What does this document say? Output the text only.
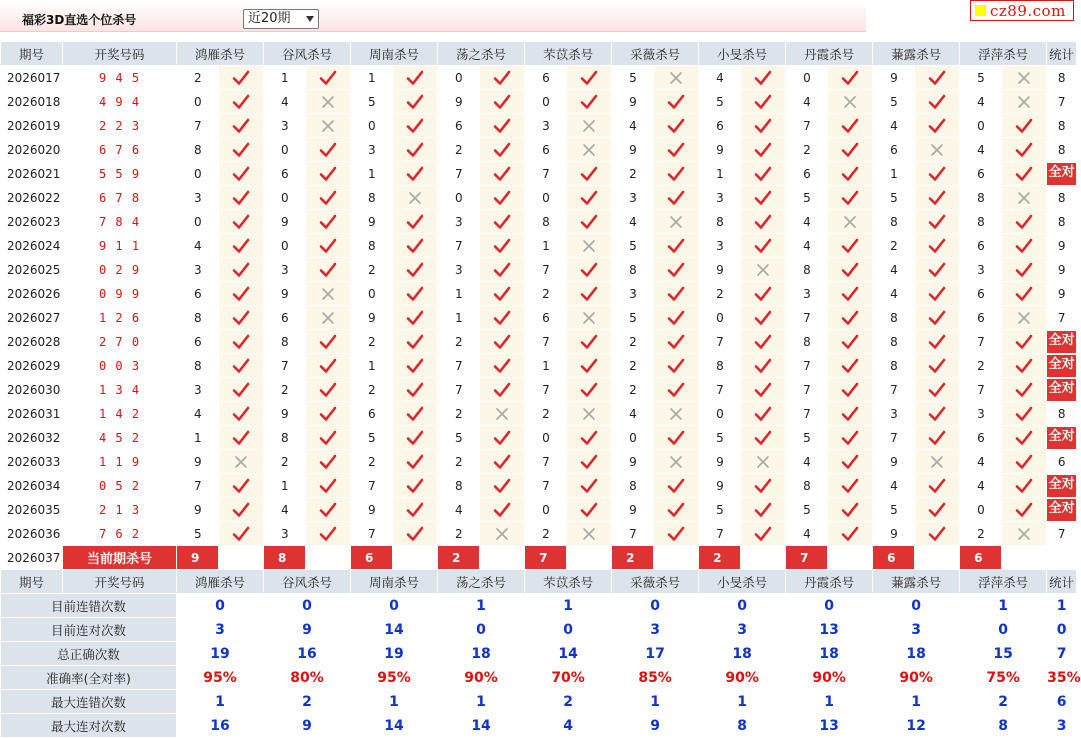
福彩3D直选个位杀号	近20期	cz89.com
期号	开奖号码	鸿雁杀号		谷风杀号		周南杀号		荡之杀号		芣苡杀号		采薇杀号		小旻杀号		丹霞杀号		蒹露杀号		浮萍杀号		统计
2026017	9 4 5	2		1		1		0		6		5		4		0		9		5		8
2026018	4 9 4	0		4		5		9		0		9		5		4		5		4		7
2026019	2 2 3	7		3		0		6		3		4		6		7		4		0		8
2026020	6 7 6	8		0		3		2		6		9		9		2		6		4		8
2026021	5 5 9	0		6		1		7		7		2		1		6		1		6		全对
2026022	6 7 8	3		0		8		0		0		3		3		5		5		8		8
2026023	7 8 4	0		9		9		3		8		4		8		4		8		8		8
2026024	9 1 1	4		0		8		7		1		5		3		4		2		6		9
2026025	0 2 9	3		3		2		3		7		8		9		8		4		3		9
2026026	0 9 9	6		9		0		1		2		3		2		3		4		6		9
2026027	1 2 6	8		6		9		1		6		5		0		7		8		6		7
2026028	2 7 0	6		8		2		2		7		2		7		8		8		7		全对
2026029	0 0 3	8		7		1		7		1		2		8		7		8		2		全对
2026030	1 3 4	3		2		2		7		7		2		7		7		7		7		全对
2026031	1 4 2	4		9		6		2		2		4		0		7		3		3		8
2026032	4 5 2	1		8		5		5		0		0		5		5		7		6		全对
2026033	1 1 9	9		2		2		2		7		9		9		4		9		4		6
2026034	0 5 2	7		1		7		8		7		8		9		8		4		4		全对
2026035	2 1 3	9		4		9		4		0		9		5		5		5		0		全对
2026036	7 6 2	5		3		7		2		2		7		7		4		9		2		7
2026037	当前期杀号	9		8		6		2		7		2		2		7		6		6		
期号	开奖号码	鸿雁杀号		谷风杀号		周南杀号		荡之杀号		芣苡杀号		采薇杀号		小旻杀号		丹霞杀号		蒹露杀号		浮萍杀号		统计
目前连错次数		0		0		0		1		1		0		0		0		0		1		1
目前连对次数		3		9		14		0		0		3		3		13		3		0		0
总正确次数		19		16		19		18		14		17		18		18		18		15		7
准确率(全对率)		95%		80%		95%		90%		70%		85%		90%		90%		90%		75%		35%
最大连错次数		1		2		1		1		2		1		1		1		1		2		6
最大连对次数		16		9		14		14		4		9		8		13		12		8		3
